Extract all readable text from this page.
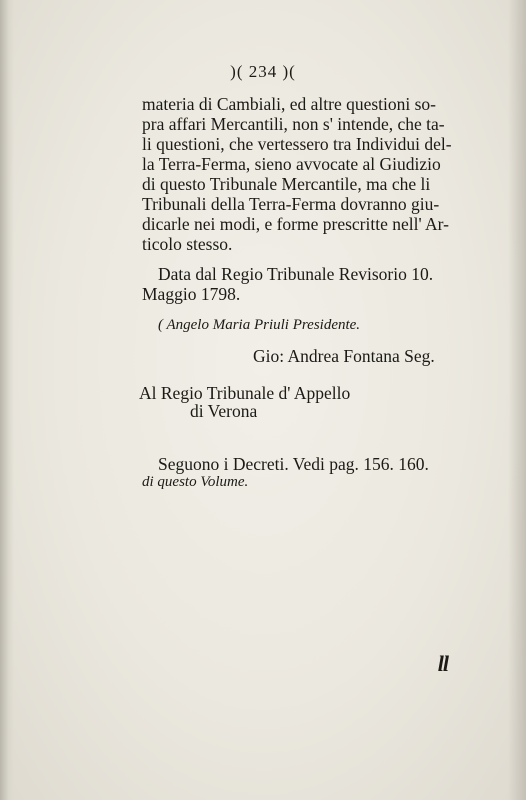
)( 234 )(
materia di Cambiali, ed altre questioni so-
pra affari Mercantili, non s' intende, che ta-
li questioni, che vertessero tra Individui del-
la Terra-Ferma, sieno avvocate al Giudizio
di questo Tribunale Mercantile, ma che li
Tribunali della Terra-Ferma dovranno giu-
dicarle nei modi, e forme prescritte nell' Ar-
ticolo stesso.
Data dal Regio Tribunale Revisorio 10.
Maggio 1798.
( Angelo Maria Priuli Presidente.
Gio: Andrea Fontana Seg.
Al Regio Tribunale d' Appello
di Verona
Seguono i Decreti. Vedi pag. 156. 160.
di questo Volume.
ll
